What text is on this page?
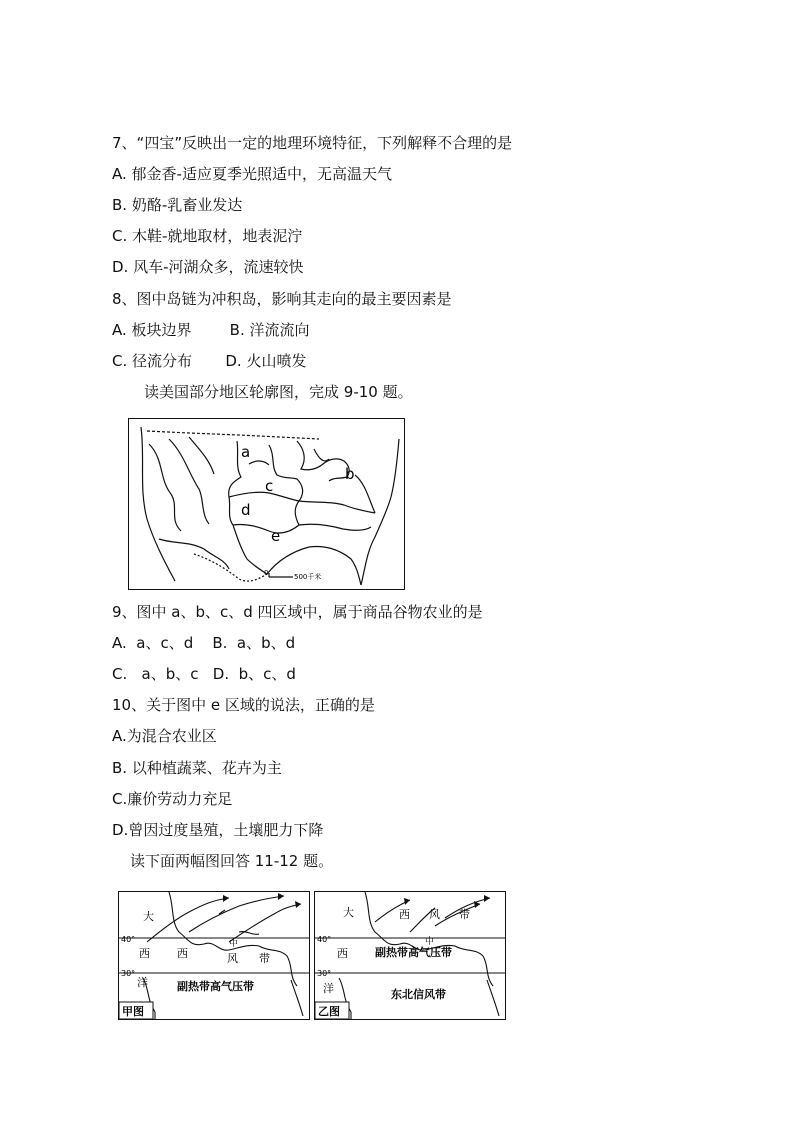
7、“四宝”反映出一定的地理环境特征，下列解释不合理的是
A. 郁金香-适应夏季光照适中，无高温天气
B. 奶酪-乳畜业发达
C. 木鞋-就地取材，地表泥泞
D. 风车-河湖众多，流速较快
8、图中岛链为冲积岛，影响其走向的最主要因素是
A. 板块边界        B. 洋流流向
C. 径流分布       D. 火山喷发
读美国部分地区轮廓图，完成 9-10 题。
0	500千米
a
b
c
d
e
9、图中 a、b、c、d 四区域中，属于商品谷物农业的是
A.  a、c、d    B.  a、b、d
C.   a、b、c   D.  b、c、d
10、关于图中 e 区域的说法，正确的是
A.为混合农业区
B. 以种植蔬菜、花卉为主
C.廉价劳动力充足
D.曾因过度垦殖，土壤肥力下降
读下面两幅图回答 11-12 题。
大
西
洋
40°
30°
西
中
风 带
副热带高气压带
甲图
大
西
洋
40°
30°
西 风 带
中
副热带高气压带
东北信风带
乙图
